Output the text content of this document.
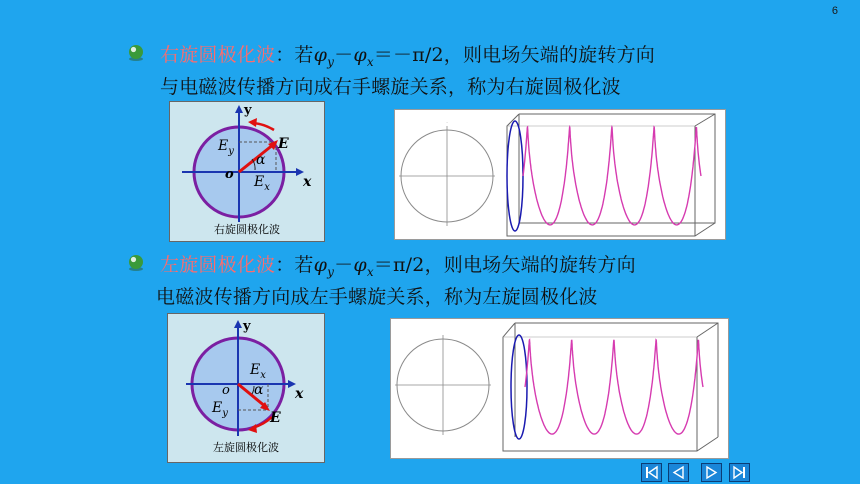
6
右旋圆极化波：若$\varphi_y-\varphi_x=-\pi/2$，则电场矢端的旋转方向
与电磁波传播方向成右手螺旋关系，称为右旋圆极化波
y
x
o
E
$E_y$
$E_x$
α
右旋圆极化波
·
左旋圆极化波：若$\varphi_y-\varphi_x=\pi/2$，则电场矢端的旋转方向
电磁波传播方向成左手螺旋关系，称为左旋圆极化波
y
x
o
E
$E_x$
$E_y$
α
左旋圆极化波
